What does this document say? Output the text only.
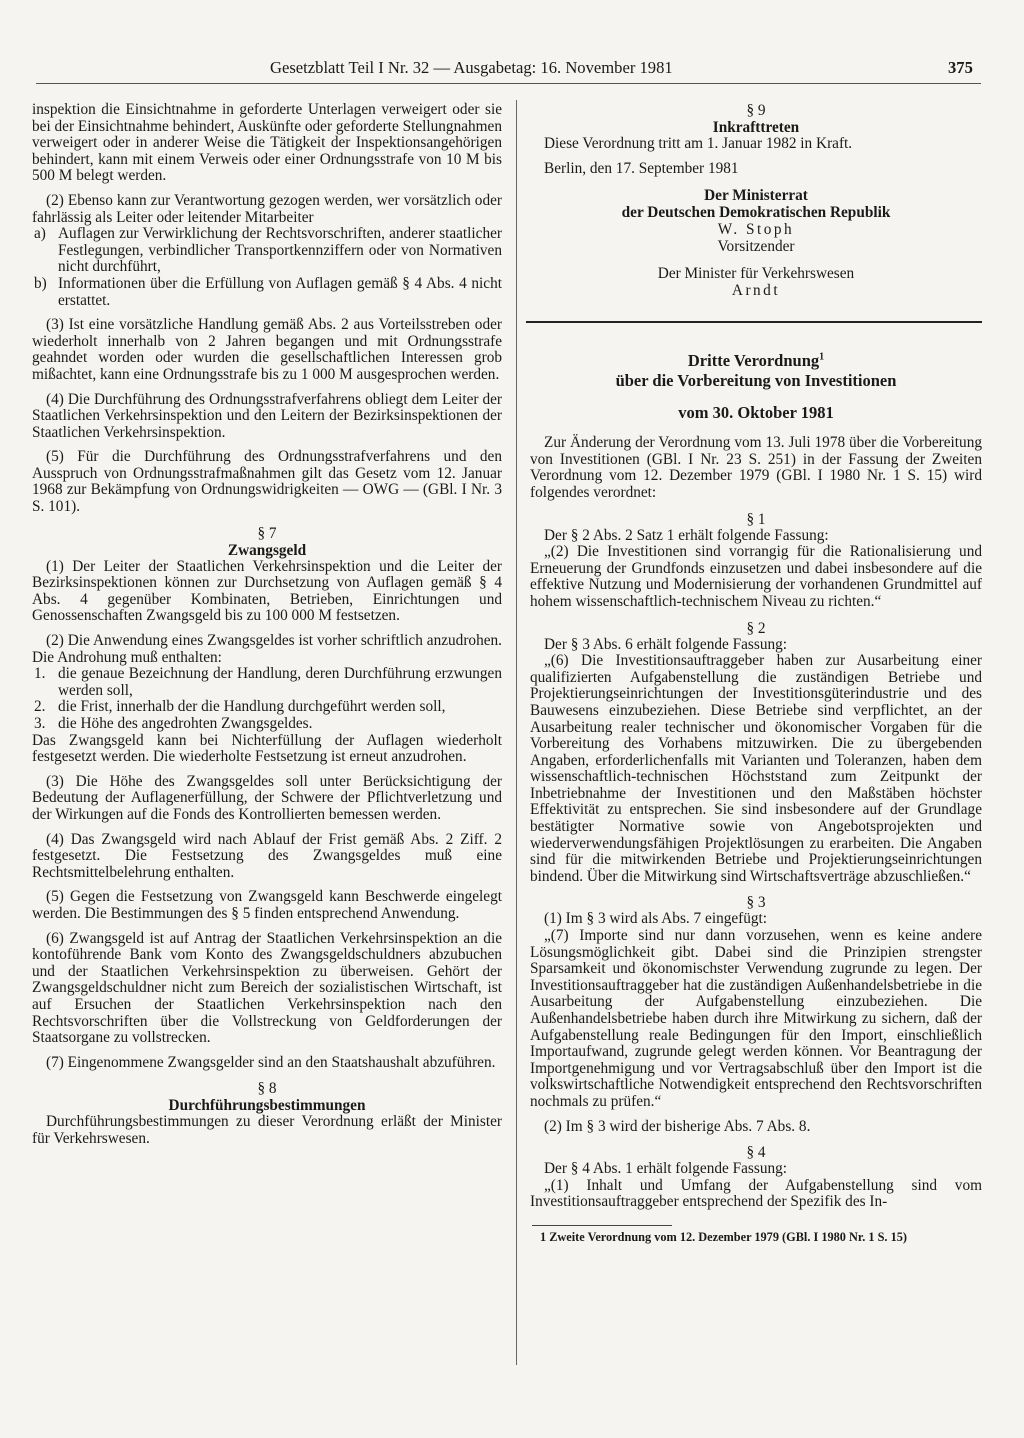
Gesetzblatt Teil I Nr. 32 — Ausgabetag: 16. November 1981	375

inspektion die Einsichtnahme in geforderte Unterlagen verweigert oder sie bei der Einsichtnahme behindert, Auskünfte oder geforderte Stellungnahmen verweigert oder in anderer Weise die Tätigkeit der Inspektionsangehörigen behindert, kann mit einem Verweis oder einer Ordnungsstrafe von 10 M bis 500 M belegt werden.

(2) Ebenso kann zur Verantwortung gezogen werden, wer vorsätzlich oder fahrlässig als Leiter oder leitender Mitarbeiter

a) Auflagen zur Verwirklichung der Rechtsvorschriften, anderer staatlicher Festlegungen, verbindlicher Transportkennziffern oder von Normativen nicht durchführt,
b) Informationen über die Erfüllung von Auflagen gemäß § 4 Abs. 4 nicht erstattet.

(3) Ist eine vorsätzliche Handlung gemäß Abs. 2 aus Vorteilsstreben oder wiederholt innerhalb von 2 Jahren begangen und mit Ordnungsstrafe geahndet worden oder wurden die gesellschaftlichen Interessen grob mißachtet, kann eine Ordnungsstrafe bis zu 1 000 M ausgesprochen werden.

(4) Die Durchführung des Ordnungsstrafverfahrens obliegt dem Leiter der Staatlichen Verkehrsinspektion und den Leitern der Bezirksinspektionen der Staatlichen Verkehrsinspektion.

(5) Für die Durchführung des Ordnungsstrafverfahrens und den Ausspruch von Ordnungsstrafmaßnahmen gilt das Gesetz vom 12. Januar 1968 zur Bekämpfung von Ordnungswidrigkeiten — OWG — (GBl. I Nr. 3 S. 101).

§ 7
Zwangsgeld

(1) Der Leiter der Staatlichen Verkehrsinspektion und die Leiter der Bezirksinspektionen können zur Durchsetzung von Auflagen gemäß § 4 Abs. 4 gegenüber Kombinaten, Betrieben, Einrichtungen und Genossenschaften Zwangsgeld bis zu 100 000 M festsetzen.

(2) Die Anwendung eines Zwangsgeldes ist vorher schriftlich anzudrohen. Die Androhung muß enthalten:

1. die genaue Bezeichnung der Handlung, deren Durchführung erzwungen werden soll,
2. die Frist, innerhalb der die Handlung durchgeführt werden soll,
3. die Höhe des angedrohten Zwangsgeldes.

Das Zwangsgeld kann bei Nichterfüllung der Auflagen wiederholt festgesetzt werden. Die wiederholte Festsetzung ist erneut anzudrohen.

(3) Die Höhe des Zwangsgeldes soll unter Berücksichtigung der Bedeutung der Auflagenerfüllung, der Schwere der Pflichtverletzung und der Wirkungen auf die Fonds des Kontrollierten bemessen werden.

(4) Das Zwangsgeld wird nach Ablauf der Frist gemäß Abs. 2 Ziff. 2 festgesetzt. Die Festsetzung des Zwangsgeldes muß eine Rechtsmittelbelehrung enthalten.

(5) Gegen die Festsetzung von Zwangsgeld kann Beschwerde eingelegt werden. Die Bestimmungen des § 5 finden entsprechend Anwendung.

(6) Zwangsgeld ist auf Antrag der Staatlichen Verkehrsinspektion an die kontoführende Bank vom Konto des Zwangsgeldschuldners abzubuchen und der Staatlichen Verkehrsinspektion zu überweisen. Gehört der Zwangsgeldschuldner nicht zum Bereich der sozialistischen Wirtschaft, ist auf Ersuchen der Staatlichen Verkehrsinspektion nach den Rechtsvorschriften über die Vollstreckung von Geldforderungen der Staatsorgane zu vollstrecken.

(7) Eingenommene Zwangsgelder sind an den Staatshaushalt abzuführen.

§ 8
Durchführungsbestimmungen

Durchführungsbestimmungen zu dieser Verordnung erläßt der Minister für Verkehrswesen.

§ 9
Inkrafttreten

Diese Verordnung tritt am 1. Januar 1982 in Kraft.

Berlin, den 17. September 1981

Der Ministerrat
der Deutschen Demokratischen Republik
W. Stoph
Vorsitzender
Der Minister für Verkehrswesen
Arndt
Dritte Verordnung$^1$
über die Vorbereitung von Investitionen
vom 30. Oktober 1981

Zur Änderung der Verordnung vom 13. Juli 1978 über die Vorbereitung von Investitionen (GBl. I Nr. 23 S. 251) in der Fassung der Zweiten Verordnung vom 12. Dezember 1979 (GBl. I 1980 Nr. 1 S. 15) wird folgendes verordnet:

§ 1

Der § 2 Abs. 2 Satz 1 erhält folgende Fassung:

„(2) Die Investitionen sind vorrangig für die Rationalisierung und Erneuerung der Grundfonds einzusetzen und dabei insbesondere auf die effektive Nutzung und Modernisierung der vorhandenen Grundmittel auf hohem wissenschaftlich-technischem Niveau zu richten.“

§ 2

Der § 3 Abs. 6 erhält folgende Fassung:

„(6) Die Investitionsauftraggeber haben zur Ausarbeitung einer qualifizierten Aufgabenstellung die zuständigen Betriebe und Projektierungseinrichtungen der Investitionsgüterindustrie und des Bauwesens einzubeziehen. Diese Betriebe sind verpflichtet, an der Ausarbeitung realer technischer und ökonomischer Vorgaben für die Vorbereitung des Vorhabens mitzuwirken. Die zu übergebenden Angaben, erforderlichenfalls mit Varianten und Toleranzen, haben dem wissenschaftlich-technischen Höchststand zum Zeitpunkt der Inbetriebnahme der Investitionen und den Maßstäben höchster Effektivität zu entsprechen. Sie sind insbesondere auf der Grundlage bestätigter Normative sowie von Angebotsprojekten und wiederverwendungsfähigen Projektlösungen zu erarbeiten. Die Angaben sind für die mitwirkenden Betriebe und Projektierungseinrichtungen bindend. Über die Mitwirkung sind Wirtschaftsverträge abzuschließen.“

§ 3

(1) Im § 3 wird als Abs. 7 eingefügt:

„(7) Importe sind nur dann vorzusehen, wenn es keine andere Lösungsmöglichkeit gibt. Dabei sind die Prinzipien strengster Sparsamkeit und ökonomischster Verwendung zugrunde zu legen. Der Investitionsauftraggeber hat die zuständigen Außenhandelsbetriebe in die Ausarbeitung der Aufgabenstellung einzubeziehen. Die Außenhandelsbetriebe haben durch ihre Mitwirkung zu sichern, daß der Aufgabenstellung reale Bedingungen für den Import, einschließlich Importaufwand, zugrunde gelegt werden können. Vor Beantragung der Importgenehmigung und vor Vertragsabschluß über den Import ist die volkswirtschaftliche Notwendigkeit entsprechend den Rechtsvorschriften nochmals zu prüfen.“

(2) Im § 3 wird der bisherige Abs. 7 Abs. 8.

§ 4

Der § 4 Abs. 1 erhält folgende Fassung:

„(1) Inhalt und Umfang der Aufgabenstellung sind vom Investitionsauftraggeber entsprechend der Spezifik des In-

1 Zweite Verordnung vom 12. Dezember 1979 (GBl. I 1980 Nr. 1 S. 15)
